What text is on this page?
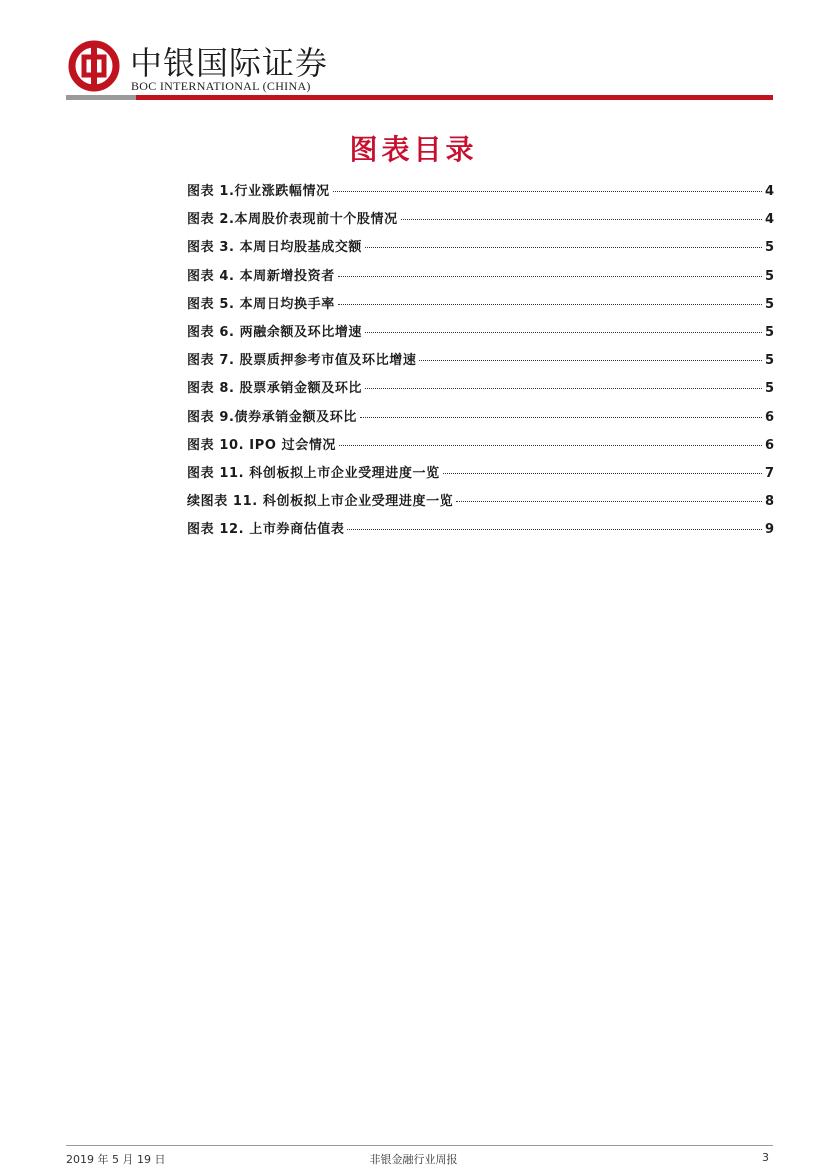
中银国际证券
BOC INTERNATIONAL (CHINA)
图表目录
图表 1.行业涨跌幅情况	4
图表 2.本周股价表现前十个股情况	4
图表 3. 本周日均股基成交额	5
图表 4. 本周新增投资者	5
图表 5. 本周日均换手率	5
图表 6. 两融余额及环比增速	5
图表 7. 股票质押参考市值及环比增速	5
图表 8. 股票承销金额及环比	5
图表 9.债券承销金额及环比	6
图表 10. IPO 过会情况	6
图表 11. 科创板拟上市企业受理进度一览	7
续图表 11. 科创板拟上市企业受理进度一览	8
图表 12. 上市券商估值表	9
2019 年 5 月 19 日	非银金融行业周报	3
